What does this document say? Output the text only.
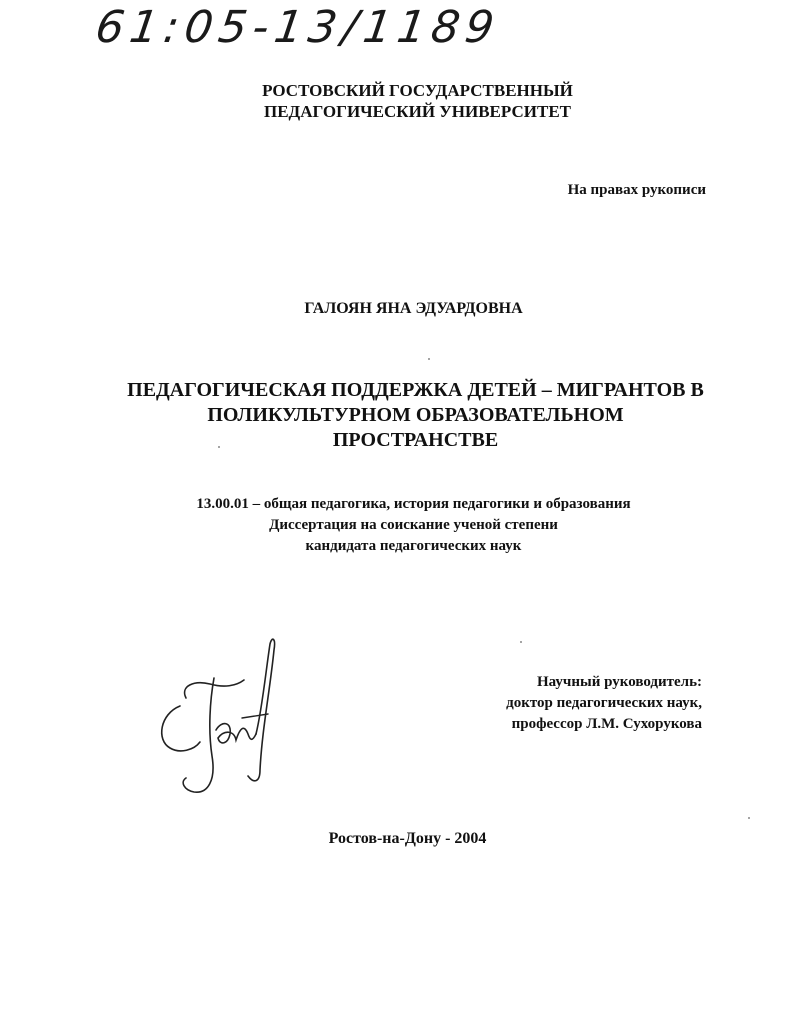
61:05-13/1189
РОСТОВСКИЙ ГОСУДАРСТВЕННЫЙ
ПЕДАГОГИЧЕСКИЙ УНИВЕРСИТЕТ
На правах рукописи
ГАЛОЯН ЯНА ЭДУАРДОВНА
ПЕДАГОГИЧЕСКАЯ ПОДДЕРЖКА ДЕТЕЙ – МИГРАНТОВ В
ПОЛИКУЛЬТУРНОМ ОБРАЗОВАТЕЛЬНОМ
ПРОСТРАНСТВЕ
13.00.01 – общая педагогика, история педагогики и образования
Диссертация на соискание ученой степени
кандидата педагогических наук
Научный руководитель:
доктор педагогических наук,
профессор Л.М. Сухорукова
Ростов-на-Дону - 2004
